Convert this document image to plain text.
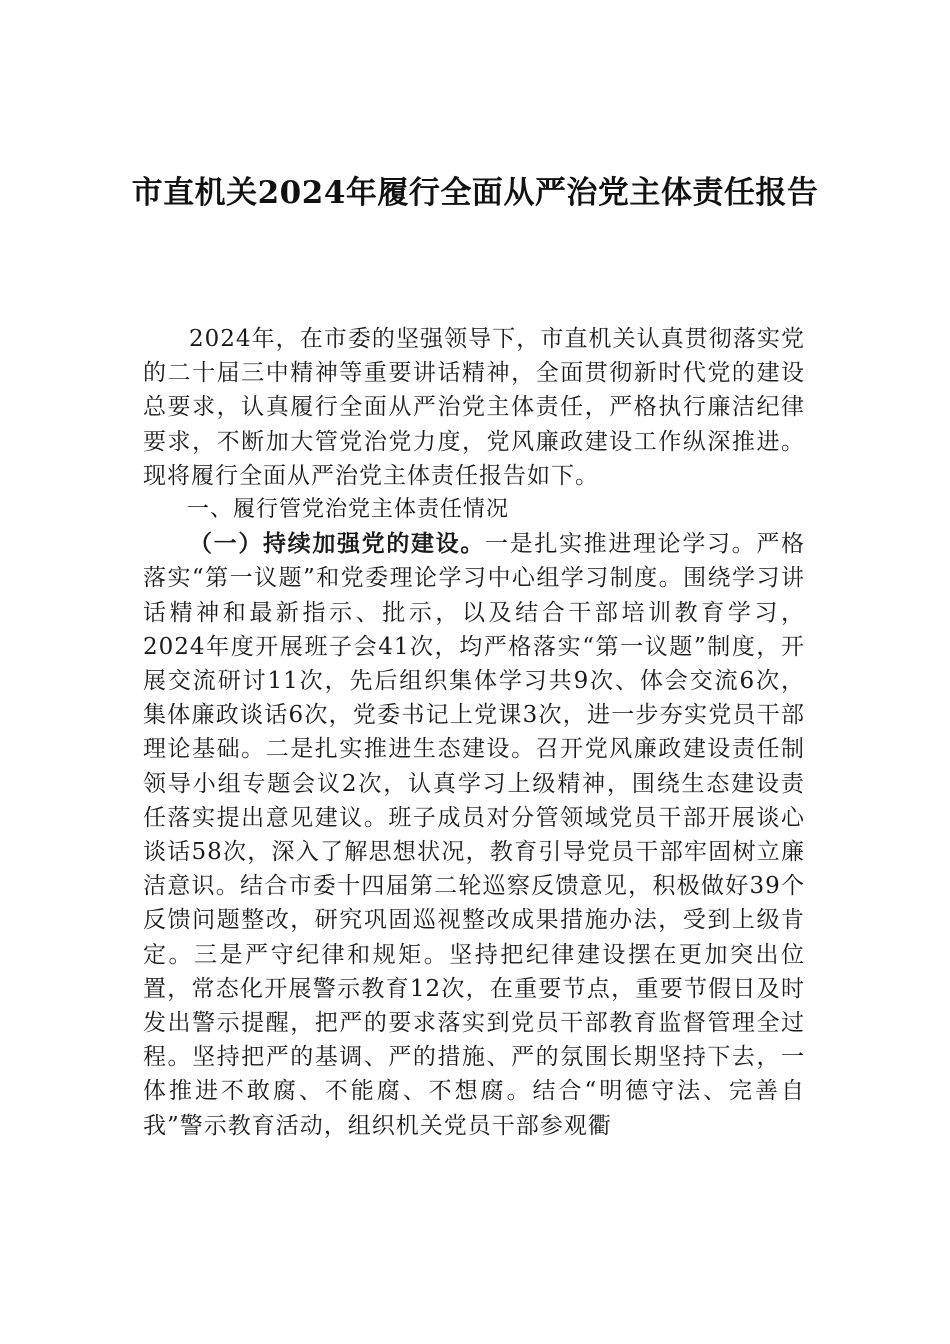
市直机关2024年履行全面从严治党主体责任报告

2024年，在市委的坚强领导下，市直机关认真贯彻落实党的二十届三中精神等重要讲话精神，全面贯彻新时代党的建设总要求，认真履行全面从严治党主体责任，严格执行廉洁纪律要求，不断加大管党治党力度，党风廉政建设工作纵深推进。现将履行全面从严治党主体责任报告如下。

一、履行管党治党主体责任情况

（一）持续加强党的建设。一是扎实推进理论学习。严格落实“第一议题”和党委理论学习中心组学习制度。围绕学习讲话精神和最新指示、批示，以及结合干部培训教育学习，2024年度开展班子会41次，均严格落实“第一议题”制度，开展交流研讨11次，先后组织集体学习共9次、体会交流6次，集体廉政谈话6次，党委书记上党课3次，进一步夯实党员干部理论基础。二是扎实推进生态建设。召开党风廉政建设责任制领导小组专题会议2次，认真学习上级精神，围绕生态建设责任落实提出意见建议。班子成员对分管领域党员干部开展谈心谈话58次，深入了解思想状况，教育引导党员干部牢固树立廉洁意识。结合市委十四届第二轮巡察反馈意见，积极做好39个反馈问题整改，研究巩固巡视整改成果措施办法，受到上级肯定。三是严守纪律和规矩。坚持把纪律建设摆在更加突出位置，常态化开展警示教育12次，在重要节点，重要节假日及时发出警示提醒，把严的要求落实到党员干部教育监督管理全过程。坚持把严的基调、严的措施、严的氛围长期坚持下去，一体推进不敢腐、不能腐、不想腐。结合“明德守法、完善自我”警示教育活动，组织机关党员干部参观衢
